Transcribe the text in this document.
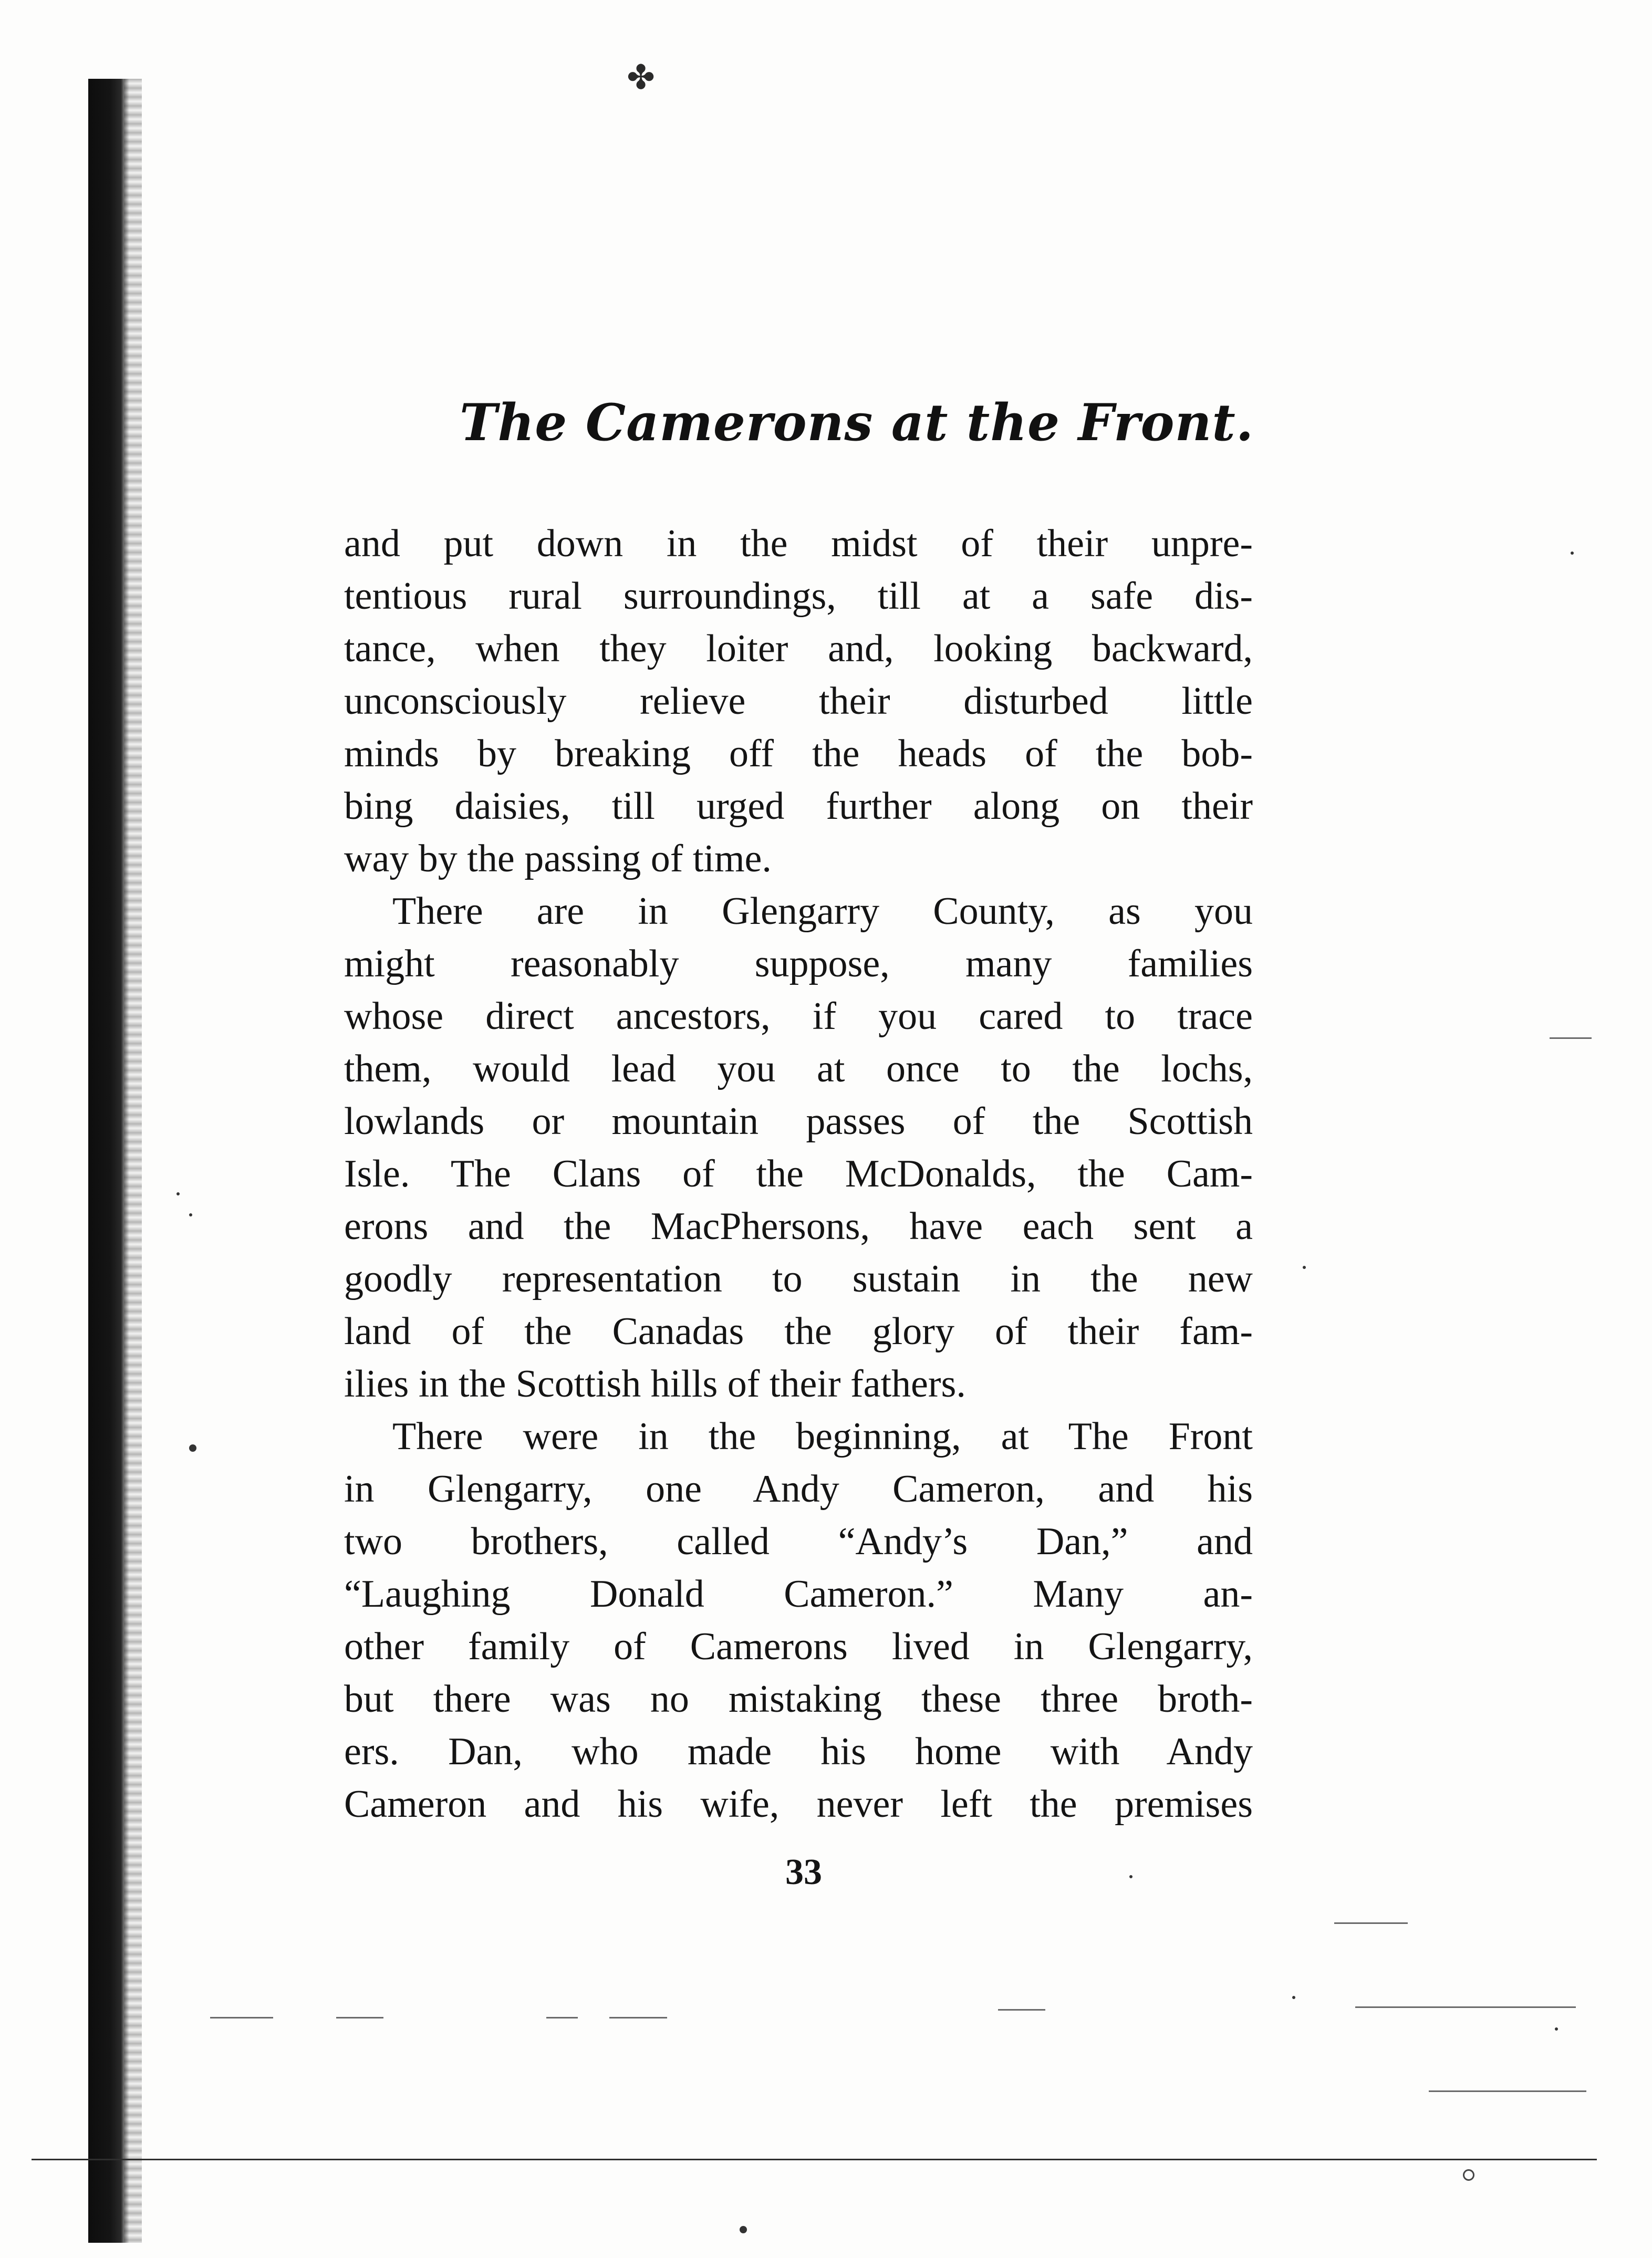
✤
The Camerons at the Front.
and put down in the midst of their unpre-
tentious rural surroundings, till at a safe dis-
tance, when they loiter and, looking backward,
unconsciously relieve their disturbed little
minds by breaking off the heads of the bob-
bing daisies, till urged further along on their
way by the passing of time.
There are in Glengarry County, as you
might reasonably suppose, many families
whose direct ancestors, if you cared to trace
them, would lead you at once to the lochs,
lowlands or mountain passes of the Scottish
Isle. The Clans of the McDonalds, the Cam-
erons and the MacPhersons, have each sent a
goodly representation to sustain in the new
land of the Canadas the glory of their fam-
ilies in the Scottish hills of their fathers.
There were in the beginning, at The Front
in Glengarry, one Andy Cameron, and his
two brothers, called “Andy’s Dan,” and
“Laughing Donald Cameron.” Many an-
other family of Camerons lived in Glengarry,
but there was no mistaking these three broth-
ers. Dan, who made his home with Andy
Cameron and his wife, never left the premises
33
